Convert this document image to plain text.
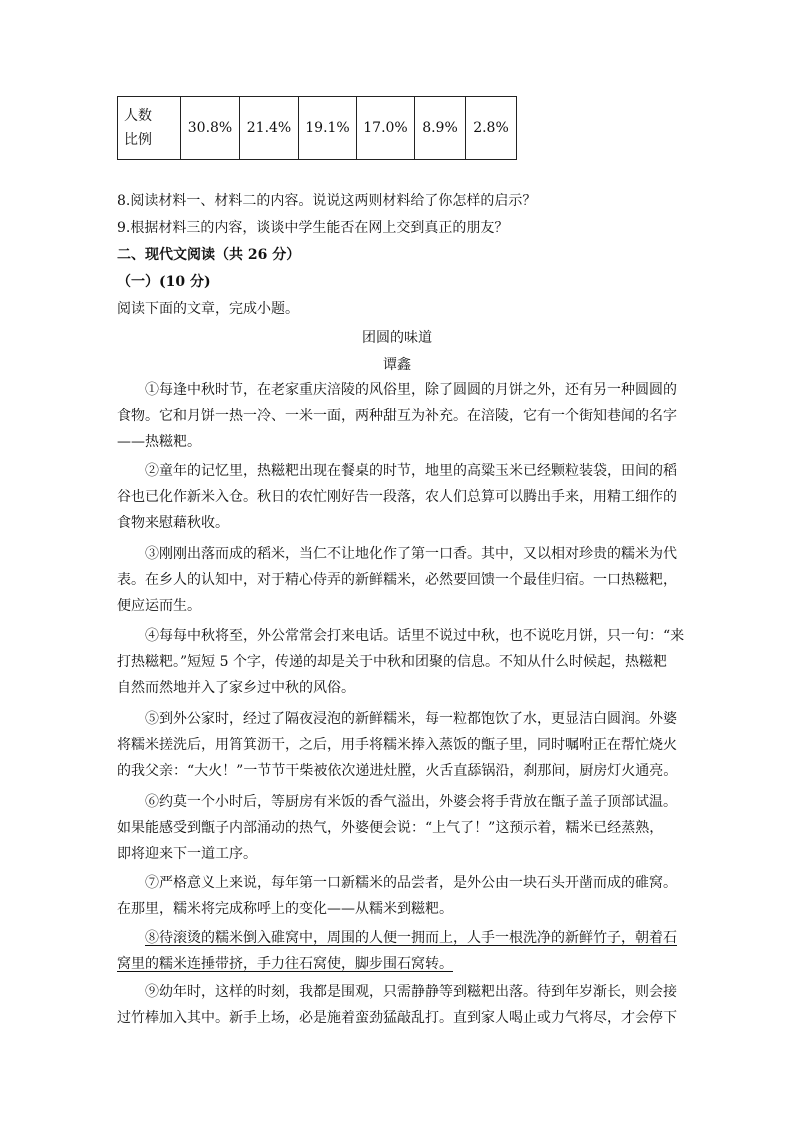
人数
比例
	30.8%	21.4%	19.1%	17.0%	8.9%	2.8%
8.阅读材料一、材料二的内容。说说这两则材料给了你怎样的启示？
9.根据材料三的内容，谈谈中学生能否在网上交到真正的朋友？
二、现代文阅读（共 26 分）
（一）(10 分)
阅读下面的文章，完成小题。
团圆的味道
谭鑫
①每逢中秋时节，在老家重庆涪陵的风俗里，除了圆圆的月饼之外，还有另一种圆圆的
食物。它和月饼一热一冷、一米一面，两种甜互为补充。在涪陵，它有一个街知巷闻的名字
——热糍粑。
②童年的记忆里，热糍粑出现在餐桌的时节，地里的高粱玉米已经颗粒装袋，田间的稻
谷也已化作新米入仓。秋日的农忙刚好告一段落，农人们总算可以腾出手来，用精工细作的
食物来慰藉秋收。
③刚刚出落而成的稻米，当仁不让地化作了第一口香。其中，又以相对珍贵的糯米为代
表。在乡人的认知中，对于精心侍弄的新鲜糯米，必然要回馈一个最佳归宿。一口热糍粑，
便应运而生。
④每每中秋将至，外公常常会打来电话。话里不说过中秋，也不说吃月饼，只一句：“来
打热糍粑。”短短 5 个字，传递的却是关于中秋和团聚的信息。不知从什么时候起，热糍粑
自然而然地并入了家乡过中秋的风俗。
⑤到外公家时，经过了隔夜浸泡的新鲜糯米，每一粒都饱饮了水，更显洁白圆润。外婆
将糯米搓洗后，用筲箕沥干，之后，用手将糯米捧入蒸饭的甑子里，同时嘱咐正在帮忙烧火
的我父亲：“大火！”一节节干柴被依次递进灶膛，火舌直舔锅沿，刹那间，厨房灯火通亮。
⑥约莫一个小时后，等厨房有米饭的香气溢出，外婆会将手背放在甑子盖子顶部试温。
如果能感受到甑子内部涌动的热气，外婆便会说：“上气了！”这预示着，糯米已经蒸熟，
即将迎来下一道工序。
⑦严格意义上来说，每年第一口新糯米的品尝者，是外公由一块石头开凿而成的碓窝。
在那里，糯米将完成称呼上的变化——从糯米到糍粑。
⑧待滚烫的糯米倒入碓窝中，周围的人便一拥而上，人手一根洗净的新鲜竹子，朝着石
窝里的糯米连捶带挤，手力往石窝使，脚步围石窝转。
⑨幼年时，这样的时刻，我都是围观，只需静静等到糍粑出落。待到年岁渐长，则会接
过竹棒加入其中。新手上场，必是施着蛮劲猛敲乱打。直到家人喝止或力气将尽，才会停下
